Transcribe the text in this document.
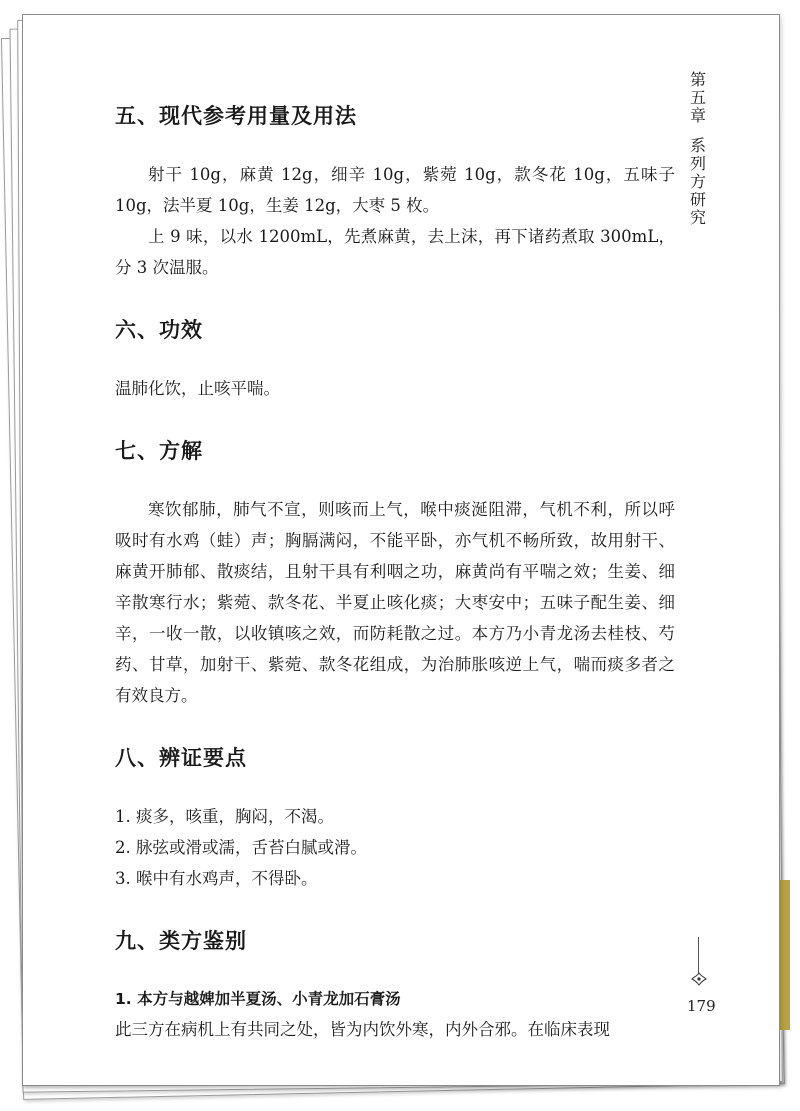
五、现代参考用量及用法

射干 10g，麻黄 12g，细辛 10g，紫菀 10g，款冬花 10g，五味子 10g，法半夏 10g，生姜 12g，大枣 5 枚。

上 9 味，以水 1200mL，先煮麻黄，去上沫，再下诸药煮取 300mL，分 3 次温服。

六、功效

温肺化饮，止咳平喘。

七、方解

寒饮郁肺，肺气不宣，则咳而上气，喉中痰涎阻滞，气机不利，所以呼吸时有水鸡（蛙）声；胸膈满闷，不能平卧，亦气机不畅所致，故用射干、麻黄开肺郁、散痰结，且射干具有利咽之功，麻黄尚有平喘之效；生姜、细辛散寒行水；紫菀、款冬花、半夏止咳化痰；大枣安中；五味子配生姜、细辛，一收一散，以收镇咳之效，而防耗散之过。本方乃小青龙汤去桂枝、芍药、甘草，加射干、紫菀、款冬花组成，为治肺胀咳逆上气，喘而痰多者之有效良方。

八、辨证要点

1. 痰多，咳重，胸闷，不渴。

2. 脉弦或滑或濡，舌苔白腻或滑。

3. 喉中有水鸡声，不得卧。

九、类方鉴别
1. 本方与越婢加半夏汤、小青龙加石膏汤

此三方在病机上有共同之处，皆为内饮外寒，内外合邪。在临床表现

第
五
章
系
列
方
研
究
179
